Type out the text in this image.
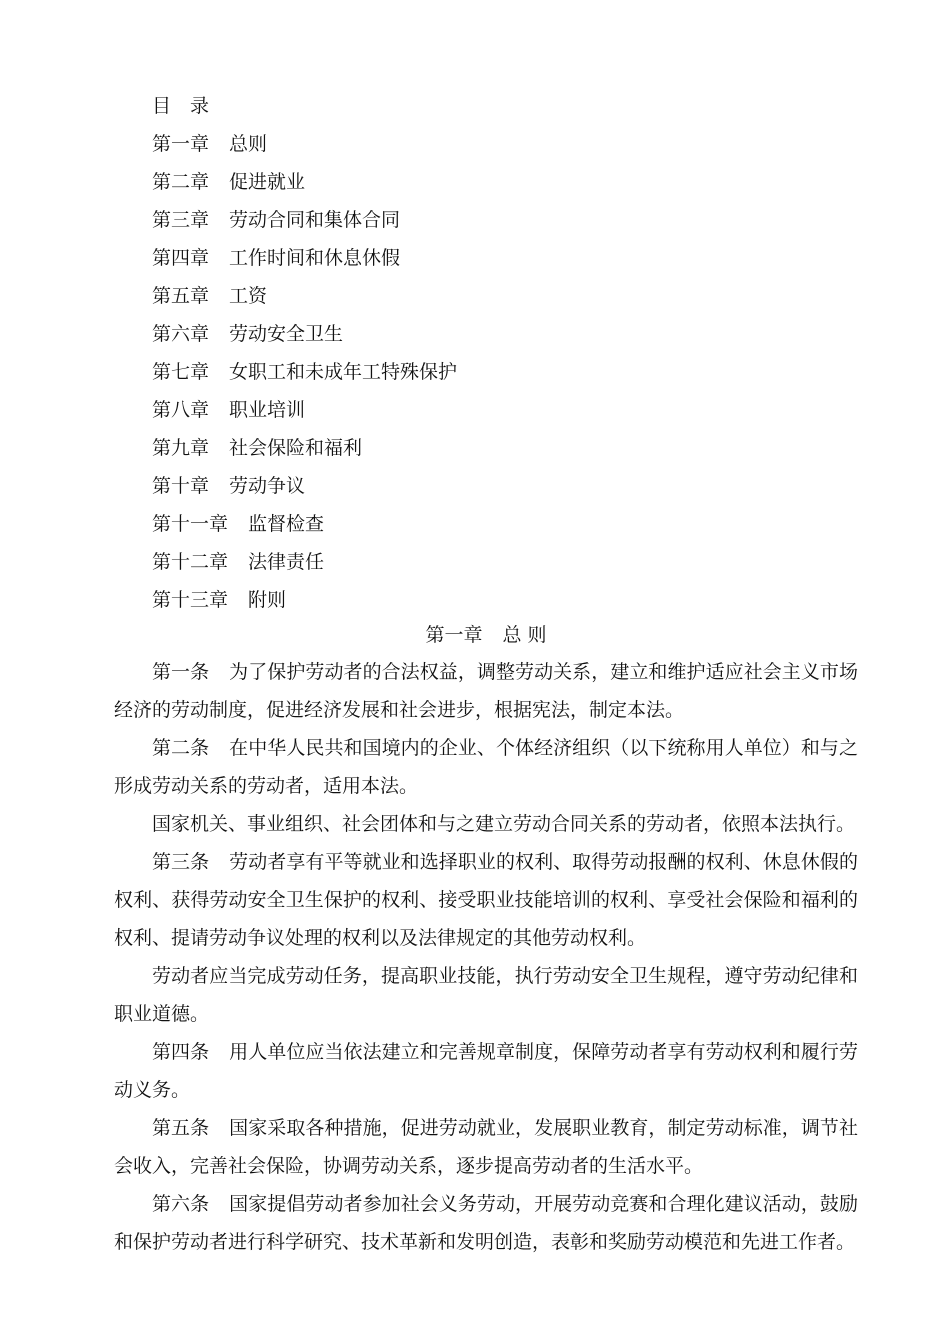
目　录
第一章 总则
第二章 促进就业
第三章 劳动合同和集体合同
第四章 工作时间和休息休假
第五章 工资
第六章 劳动安全卫生
第七章 女职工和未成年工特殊保护
第八章 职业培训
第九章 社会保险和福利
第十章 劳动争议
第十一章 监督检查
第十二章 法律责任
第十三章 附则
第一章 总 则

第一条 为了保护劳动者的合法权益，调整劳动关系，建立和维护适应社会主义市场经济的劳动制度，促进经济发展和社会进步，根据宪法，制定本法。

第二条 在中华人民共和国境内的企业、个体经济组织（以下统称用人单位）和与之形成劳动关系的劳动者，适用本法。

国家机关、事业组织、社会团体和与之建立劳动合同关系的劳动者，依照本法执行。

第三条 劳动者享有平等就业和选择职业的权利、取得劳动报酬的权利、休息休假的权利、获得劳动安全卫生保护的权利、接受职业技能培训的权利、享受社会保险和福利的权利、提请劳动争议处理的权利以及法律规定的其他劳动权利。

劳动者应当完成劳动任务，提高职业技能，执行劳动安全卫生规程，遵守劳动纪律和职业道德。

第四条 用人单位应当依法建立和完善规章制度，保障劳动者享有劳动权利和履行劳动义务。

第五条 国家采取各种措施，促进劳动就业，发展职业教育，制定劳动标准，调节社会收入，完善社会保险，协调劳动关系，逐步提高劳动者的生活水平。

第六条 国家提倡劳动者参加社会义务劳动，开展劳动竞赛和合理化建议活动，鼓励和保护劳动者进行科学研究、技术革新和发明创造，表彰和奖励劳动模范和先进工作者。
